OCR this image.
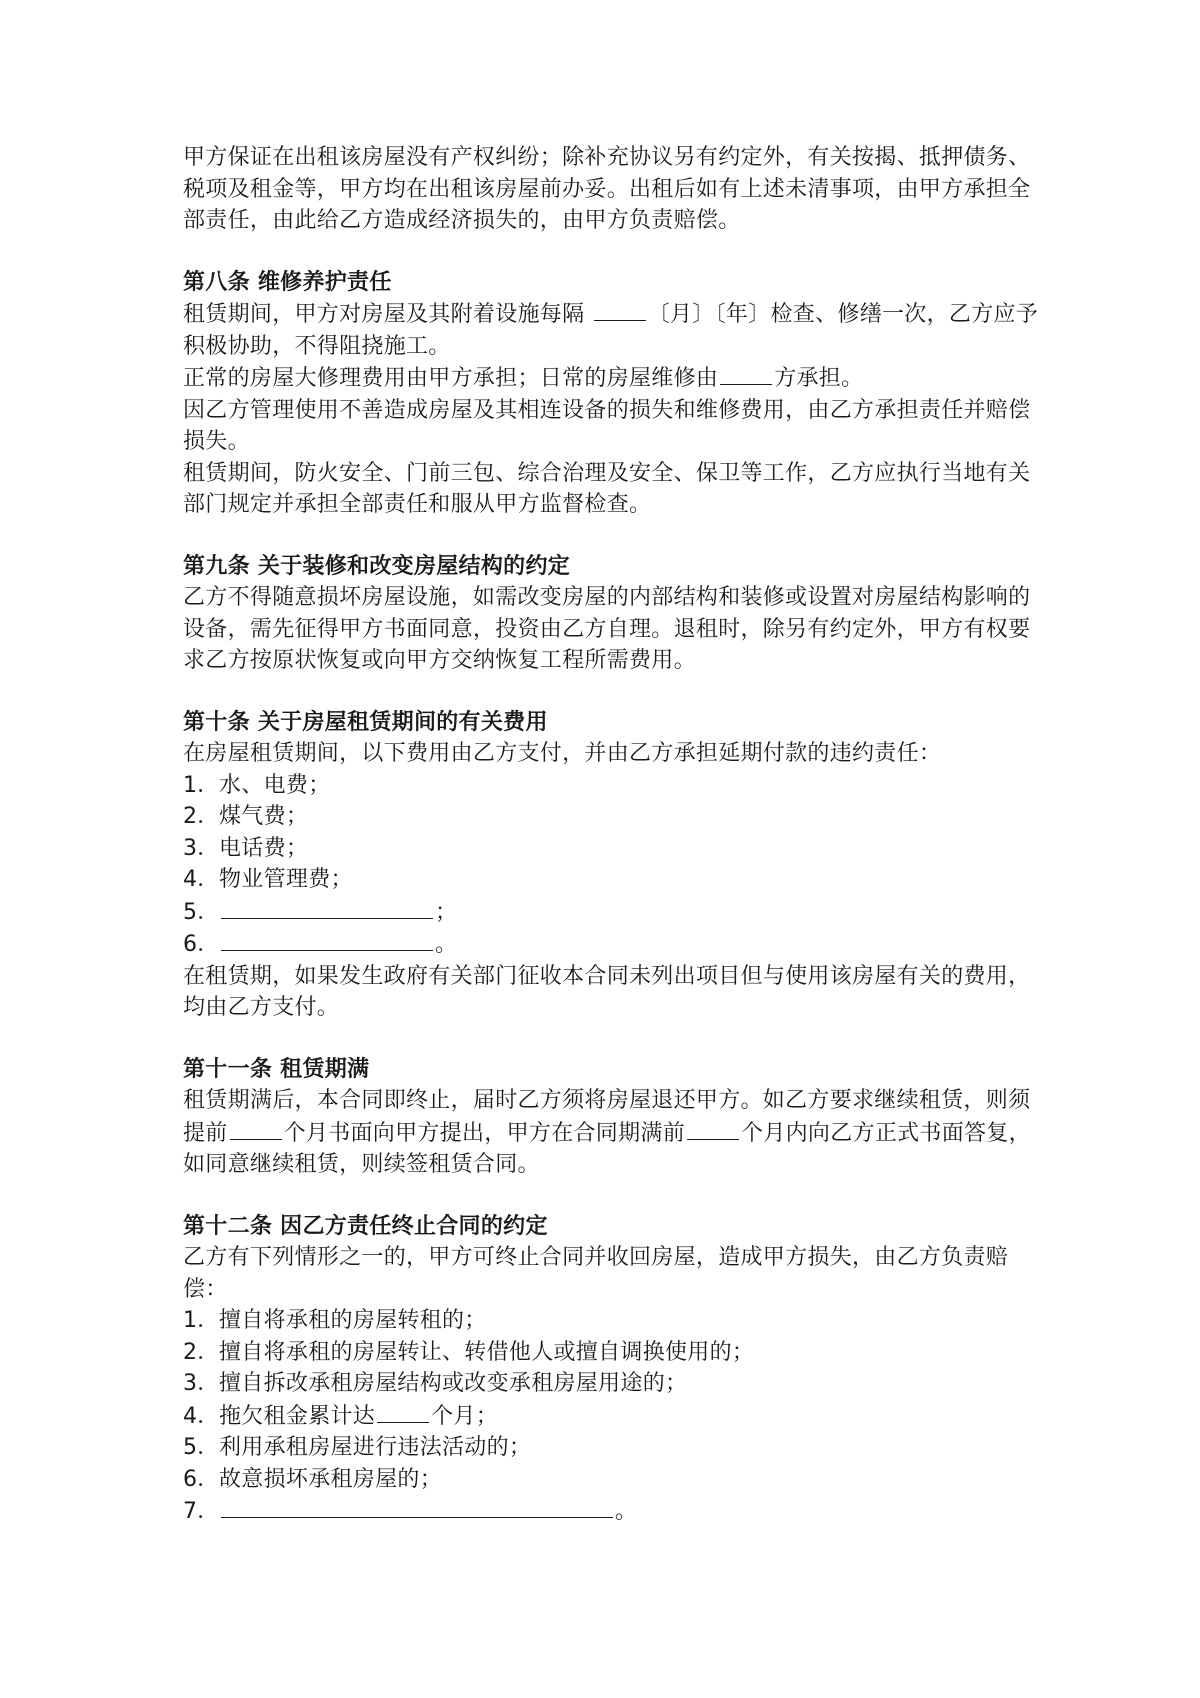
甲方保证在出租该房屋没有产权纠纷；除补充协议另有约定外，有关按揭、抵押债务、税项及租金等，甲方均在出租该房屋前办妥。出租后如有上述未清事项，由甲方承担全部责任，由此给乙方造成经济损失的，由甲方负责赔偿。

第八条 维修养护责任

租赁期间，甲方对房屋及其附着设施每隔	〔月〕〔年〕检查、修缮一次，乙方应予积极协助，不得阻挠施工。

正常的房屋大修理费用由甲方承担；日常的房屋维修由	方承担。

因乙方管理使用不善造成房屋及其相连设备的损失和维修费用，由乙方承担责任并赔偿损失。

租赁期间，防火安全、门前三包、综合治理及安全、保卫等工作，乙方应执行当地有关部门规定并承担全部责任和服从甲方监督检查。

第九条 关于装修和改变房屋结构的约定

乙方不得随意损坏房屋设施，如需改变房屋的内部结构和装修或设置对房屋结构影响的设备，需先征得甲方书面同意，投资由乙方自理。退租时，除另有约定外，甲方有权要求乙方按原状恢复或向甲方交纳恢复工程所需费用。

第十条 关于房屋租赁期间的有关费用

在房屋租赁期间，以下费用由乙方支付，并由乙方承担延期付款的违约责任：

1．水、电费；

2．煤气费；

3．电话费；

4．物业管理费；

5．	；

6．	。

在租赁期，如果发生政府有关部门征收本合同未列出项目但与使用该房屋有关的费用，均由乙方支付。

第十一条 租赁期满

租赁期满后，本合同即终止，届时乙方须将房屋退还甲方。如乙方要求继续租赁，则须提前	个月书面向甲方提出，甲方在合同期满前	个月内向乙方正式书面答复，如同意继续租赁，则续签租赁合同。

第十二条 因乙方责任终止合同的约定

乙方有下列情形之一的，甲方可终止合同并收回房屋，造成甲方损失，由乙方负责赔偿：

1．擅自将承租的房屋转租的；

2．擅自将承租的房屋转让、转借他人或擅自调换使用的；

3．擅自拆改承租房屋结构或改变承租房屋用途的；

4．拖欠租金累计达	个月；

5．利用承租房屋进行违法活动的；

6．故意损坏承租房屋的；

7．	。
